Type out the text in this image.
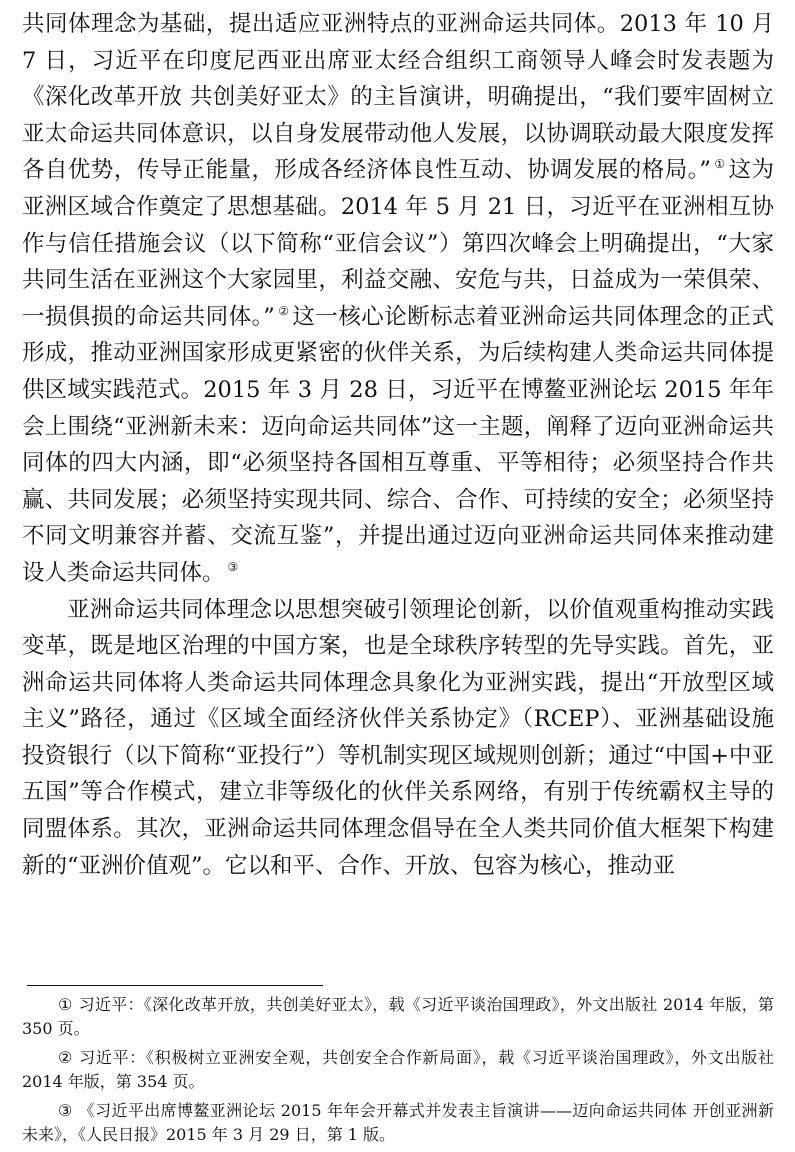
共同体理念为基础，提出适应亚洲特点的亚洲命运共同体。2013 年 10 月 7 日，习近平在印度尼西亚出席亚太经合组织工商领导人峰会时发表题为《深化改革开放 共创美好亚太》的主旨演讲，明确提出，“我们要牢固树立亚太命运共同体意识，以自身发展带动他人发展，以协调联动最大限度发挥各自优势，传导正能量，形成各经济体良性互动、协调发展的格局。” ① 这为亚洲区域合作奠定了思想基础。2014 年 5 月 21 日，习近平在亚洲相互协作与信任措施会议（以下简称“亚信会议”）第四次峰会上明确提出，“大家共同生活在亚洲这个大家园里，利益交融、安危与共，日益成为一荣俱荣、一损俱损的命运共同体。” ② 这一核心论断标志着亚洲命运共同体理念的正式形成，推动亚洲国家形成更紧密的伙伴关系，为后续构建人类命运共同体提供区域实践范式。2015 年 3 月 28 日，习近平在博鳌亚洲论坛 2015 年年会上围绕“亚洲新未来：迈向命运共同体”这一主题，阐释了迈向亚洲命运共同体的四大内涵，即“必须坚持各国相互尊重、平等相待；必须坚持合作共赢、共同发展；必须坚持实现共同、综合、合作、可持续的安全；必须坚持不同文明兼容并蓄、交流互鉴”，并提出通过迈向亚洲命运共同体来推动建设人类命运共同体。 ③

亚洲命运共同体理念以思想突破引领理论创新，以价值观重构推动实践变革，既是地区治理的中国方案，也是全球秩序转型的先导实践。首先，亚洲命运共同体将人类命运共同体理念具象化为亚洲实践，提出“开放型区域主义”路径，通过《区域全面经济伙伴关系协定》（RCEP）、亚洲基础设施投资银行（以下简称“亚投行”）等机制实现区域规则创新；通过“中国+中亚五国”等合作模式，建立非等级化的伙伴关系网络，有别于传统霸权主导的同盟体系。其次，亚洲命运共同体理念倡导在全人类共同价值大框架下构建新的“亚洲价值观”。它以和平、合作、开放、包容为核心，推动亚

① 习近平：《深化改革开放，共创美好亚太》，载《习近平谈治国理政》，外文出版社 2014 年版，第 350 页。

② 习近平：《积极树立亚洲安全观，共创安全合作新局面》，载《习近平谈治国理政》，外文出版社 2014 年版，第 354 页。

③ 《习近平出席博鳌亚洲论坛 2015 年年会开幕式并发表主旨演讲——迈向命运共同体 开创亚洲新未来》，《人民日报》2015 年 3 月 29 日，第 1 版。
